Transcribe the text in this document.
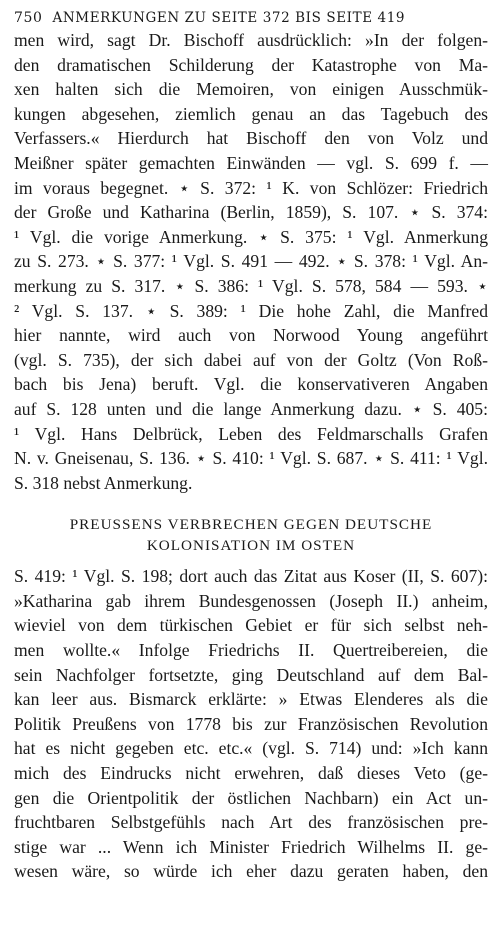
750 ANMERKUNGEN ZU SEITE 372 BIS SEITE 419
men wird, sagt Dr. Bischoff ausdrücklich: »In der folgen-
den dramatischen Schilderung der Katastrophe von Ma-
xen halten sich die Memoiren, von einigen Ausschmük-
kungen abgesehen, ziemlich genau an das Tagebuch des
Verfassers.« Hierdurch hat Bischoff den von Volz und
Meißner später gemachten Einwänden — vgl. S. 699 f. —
im voraus begegnet. ⋆ S. 372: ¹ K. von Schlözer: Friedrich
der Große und Katharina (Berlin, 1859), S. 107. ⋆ S. 374:
¹ Vgl. die vorige Anmerkung. ⋆ S. 375: ¹ Vgl. Anmerkung
zu S. 273. ⋆ S. 377: ¹ Vgl. S. 491 — 492. ⋆ S. 378: ¹ Vgl. An-
merkung zu S. 317. ⋆ S. 386: ¹ Vgl. S. 578, 584 — 593. ⋆
² Vgl. S. 137. ⋆ S. 389: ¹ Die hohe Zahl, die Manfred
hier nannte, wird auch von Norwood Young angeführt
(vgl. S. 735), der sich dabei auf von der Goltz (Von Roß-
bach bis Jena) beruft. Vgl. die konservativeren Angaben
auf S. 128 unten und die lange Anmerkung dazu. ⋆ S. 405:
¹ Vgl. Hans Delbrück, Leben des Feldmarschalls Grafen
N. v. Gneisenau, S. 136. ⋆ S. 410: ¹ Vgl. S. 687. ⋆ S. 411: ¹ Vgl.
S. 318 nebst Anmerkung.
PREUSSENS VERBRECHEN GEGEN DEUTSCHE
KOLONISATION IM OSTEN
S. 419: ¹ Vgl. S. 198; dort auch das Zitat aus Koser (II, S. 607):
»Katharina gab ihrem Bundesgenossen (Joseph II.) anheim,
wieviel von dem türkischen Gebiet er für sich selbst neh-
men wollte.« Infolge Friedrichs II. Quertreibereien, die
sein Nachfolger fortsetzte, ging Deutschland auf dem Bal-
kan leer aus. Bismarck erklärte: » Etwas Elenderes als die
Politik Preußens von 1778 bis zur Französischen Revolution
hat es nicht gegeben etc. etc.« (vgl. S. 714) und: »Ich kann
mich des Eindrucks nicht erwehren, daß dieses Veto (ge-
gen die Orientpolitik der östlichen Nachbarn) ein Act un-
fruchtbaren Selbstgefühls nach Art des französischen pre-
stige war ... Wenn ich Minister Friedrich Wilhelms II. ge-
wesen wäre, so würde ich eher dazu geraten haben, den
